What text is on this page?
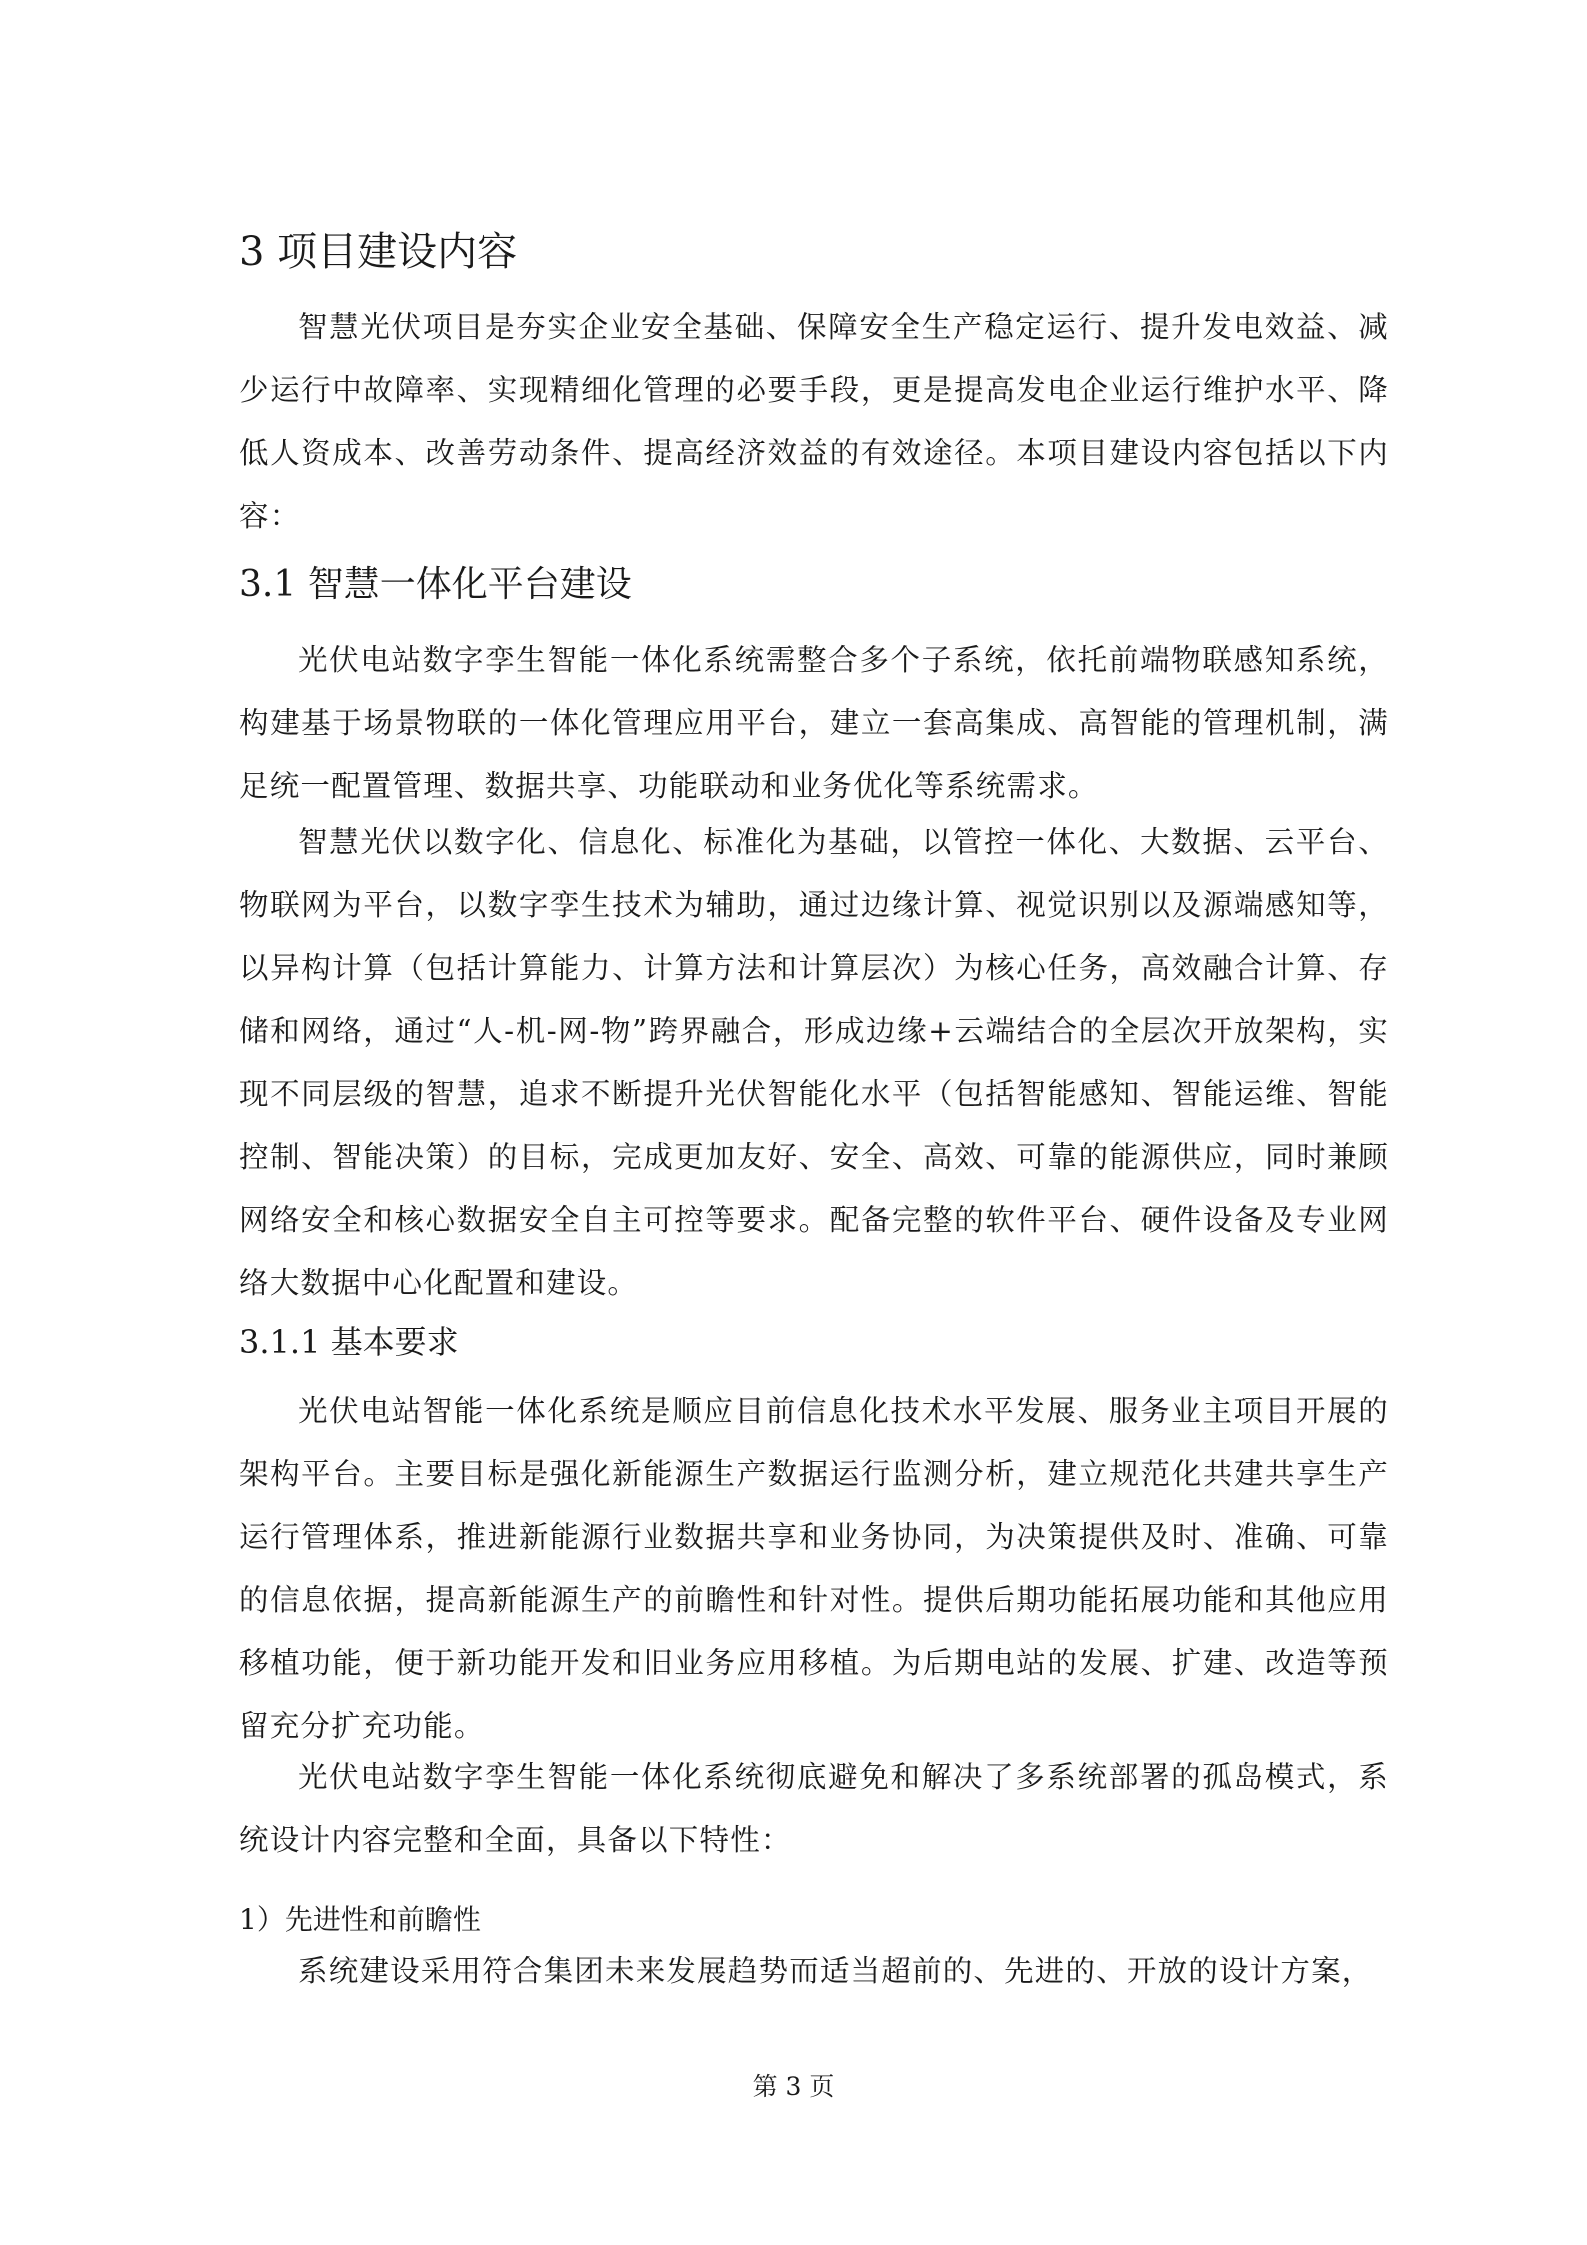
3 项目建设内容

智慧光伏项目是夯实企业安全基础、保障安全生产稳定运行、提升发电效益、减少运行中故障率、实现精细化管理的必要手段，更是提高发电企业运行维护水平、降低人资成本、改善劳动条件、提高经济效益的有效途径。本项目建设内容包括以下内容：

3.1 智慧一体化平台建设

光伏电站数字孪生智能一体化系统需整合多个子系统，依托前端物联感知系统，构建基于场景物联的一体化管理应用平台，建立一套高集成、高智能的管理机制，满足统一配置管理、数据共享、功能联动和业务优化等系统需求。

智慧光伏以数字化、信息化、标准化为基础，以管控一体化、大数据、云平台、物联网为平台，以数字孪生技术为辅助，通过边缘计算、视觉识别以及源端感知等，以异构计算（包括计算能力、计算方法和计算层次）为核心任务，高效融合计算、存储和网络，通过“人-机-网-物”跨界融合，形成边缘+云端结合的全层次开放架构，实现不同层级的智慧，追求不断提升光伏智能化水平（包括智能感知、智能运维、智能控制、智能决策）的目标，完成更加友好、安全、高效、可靠的能源供应，同时兼顾网络安全和核心数据安全自主可控等要求。配备完整的软件平台、硬件设备及专业网络大数据中心化配置和建设。

3.1.1 基本要求

光伏电站智能一体化系统是顺应目前信息化技术水平发展、服务业主项目开展的架构平台。主要目标是强化新能源生产数据运行监测分析，建立规范化共建共享生产运行管理体系，推进新能源行业数据共享和业务协同，为决策提供及时、准确、可靠的信息依据，提高新能源生产的前瞻性和针对性。提供后期功能拓展功能和其他应用移植功能，便于新功能开发和旧业务应用移植。为后期电站的发展、扩建、改造等预留充分扩充功能。

光伏电站数字孪生智能一体化系统彻底避免和解决了多系统部署的孤岛模式，系统设计内容完整和全面，具备以下特性：

1）先进性和前瞻性

系统建设采用符合集团未来发展趋势而适当超前的、先进的、开放的设计方案，

第 3 页
